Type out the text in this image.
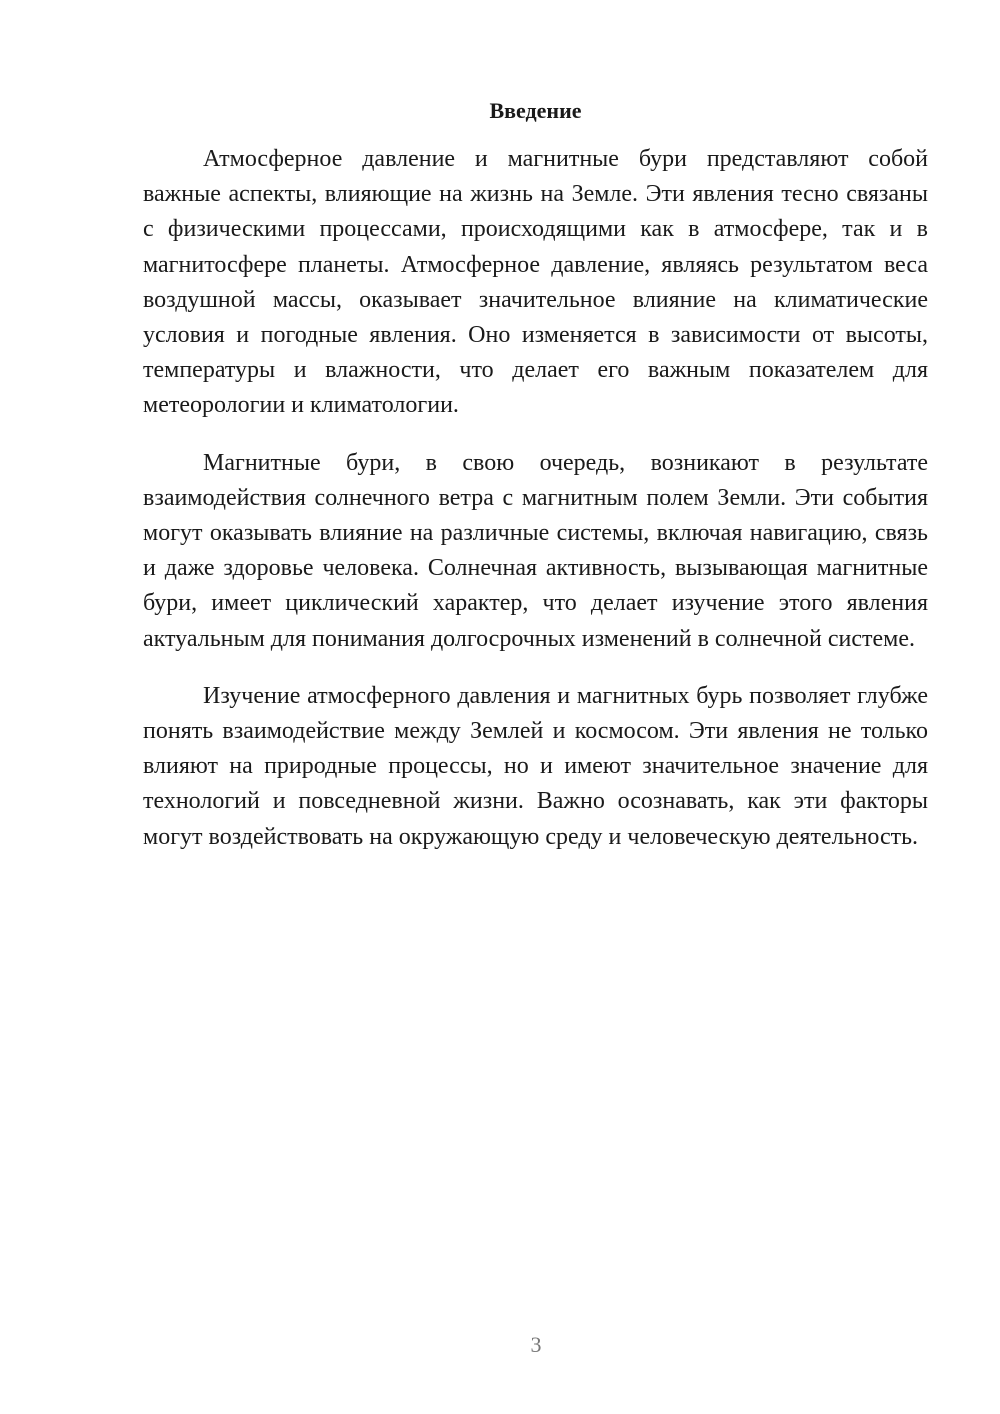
Введение

Атмосферное давление и магнитные бури представляют собой важные аспекты, влияющие на жизнь на Земле. Эти явления тесно связаны с физическими процессами, происходящими как в атмосфере, так и в магнитосфере планеты. Атмосферное давление, являясь результатом веса воздушной массы, оказывает значительное влияние на климатические условия и погодные явления. Оно изменяется в зависимости от высоты, температуры и влажности, что делает его важным показателем для метеорологии и климатологии.

Магнитные бури, в свою очередь, возникают в результате взаимодействия солнечного ветра с магнитным полем Земли. Эти события могут оказывать влияние на различные системы, включая навигацию, связь и даже здоровье человека. Солнечная активность, вызывающая магнитные бури, имеет циклический характер, что делает изучение этого явления актуальным для понимания долгосрочных изменений в солнечной системе.

Изучение атмосферного давления и магнитных бурь позволяет глубже понять взаимодействие между Землей и космосом. Эти явления не только влияют на природные процессы, но и имеют значительное значение для технологий и повседневной жизни. Важно осознавать, как эти факторы могут воздействовать на окружающую среду и человеческую деятельность.

3
